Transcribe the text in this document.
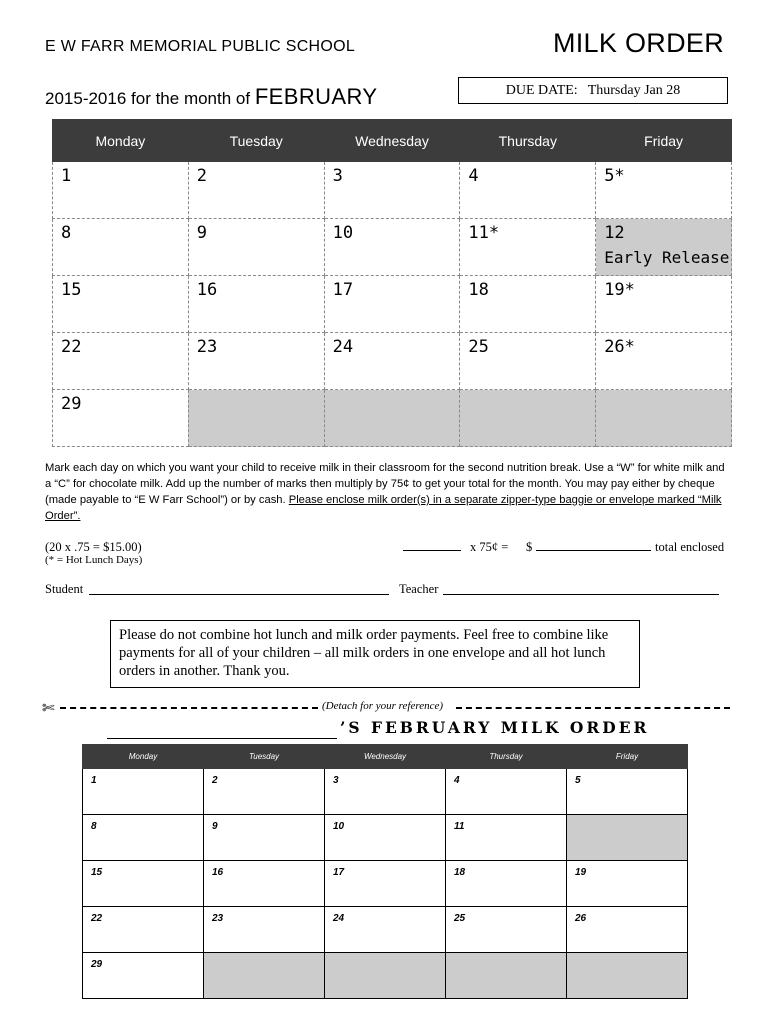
E W FARR MEMORIAL PUBLIC SCHOOL	MILK ORDER
2015-2016 for the month of FEBRUARY	DUE DATE: Thursday Jan 28
Monday	Tuesday	Wednesday	Thursday	Friday

1	2	3	4	5*

8	9	10	11*	12
Early Release

15	16	17	18	19*

22	23	24	25	26*

29				

Mark each day on which you want your child to receive milk in their classroom for the second nutrition break. Use a “W” for white milk and a “C” for chocolate milk. Add up the number of marks then multiply by 75¢ to get your total for the month. You may pay either by cheque (made payable to “E W Farr School”) or by cash. Please enclose milk order(s) in a separate zipper-type baggie or envelope marked “Milk Order”.
(20 x .75 = $15.00)
(* = Hot Lunch Days)
x 75¢ = $	total enclosed
Student	Teacher
Please do not combine hot lunch and milk order payments. Feel free to combine like payments for all of your children – all milk orders in one envelope and all hot lunch orders in another. Thank you.
✄	(Detach for your reference)
’S FEBRUARY MILK ORDER
Monday	Tuesday	Wednesday	Thursday	Friday

1	2	3	4	5

8	9	10	11	

15	16	17	18	19

22	23	24	25	26

29				
